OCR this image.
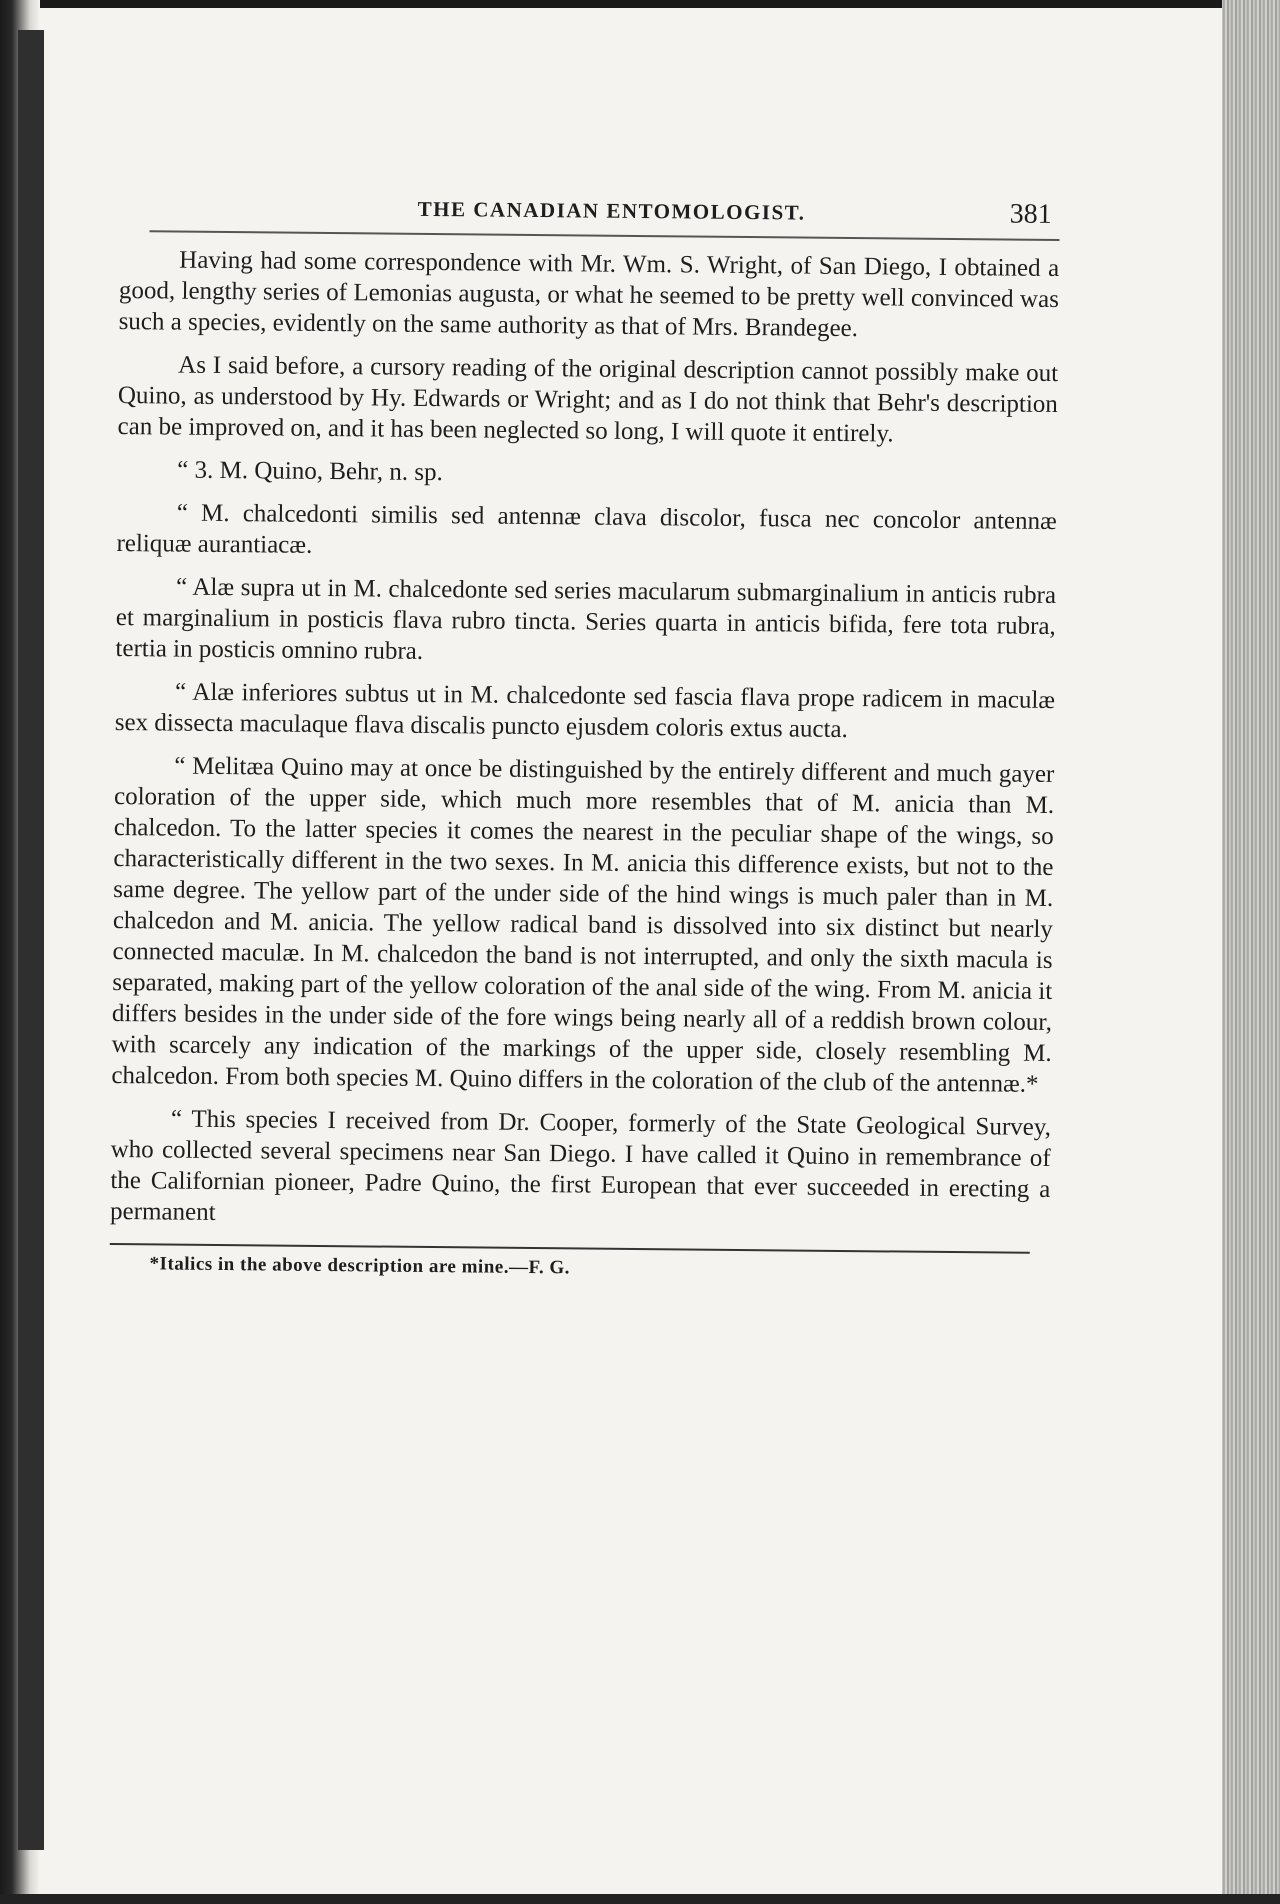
THE CANADIAN ENTOMOLOGIST.	381

Having had some correspondence with Mr. Wm. S. Wright, of San Diego, I obtained a good, lengthy series of Lemonias augusta, or what he seemed to be pretty well convinced was such a species, evidently on the same authority as that of Mrs. Brandegee.

As I said before, a cursory reading of the original description cannot possibly make out Quino, as understood by Hy. Edwards or Wright; and as I do not think that Behr's description can be improved on, and it has been neglected so long, I will quote it entirely.

“ 3. M. Quino, Behr, n. sp.

“ M. chalcedonti similis sed antennæ clava discolor, fusca nec concolor antennæ reliquæ aurantiacæ.

“ Alæ supra ut in M. chalcedonte sed series macularum submarginalium in anticis rubra et marginalium in posticis flava rubro tincta. Series quarta in anticis bifida, fere tota rubra, tertia in posticis omnino rubra.

“ Alæ inferiores subtus ut in M. chalcedonte sed fascia flava prope radicem in maculæ sex dissecta maculaque flava discalis puncto ejusdem coloris extus aucta.

“ Melitæa Quino may at once be distinguished by the entirely different and much gayer coloration of the upper side, which much more resembles that of M. anicia than M. chalcedon. To the latter species it comes the nearest in the peculiar shape of the wings, so characteristically different in the two sexes. In M. anicia this difference exists, but not to the same degree. The yellow part of the under side of the hind wings is much paler than in M. chalcedon and M. anicia. The yellow radical band is dissolved into six distinct but nearly connected maculæ. In M. chalcedon the band is not interrupted, and only the sixth macula is separated, making part of the yellow coloration of the anal side of the wing. From M. anicia it differs besides in the under side of the fore wings being nearly all of a reddish brown colour, with scarcely any indication of the markings of the upper side, closely resembling M. chalcedon. From both species M. Quino differs in the coloration of the club of the antennæ.*

“ This species I received from Dr. Cooper, formerly of the State Geological Survey, who collected several specimens near San Diego. I have called it Quino in remembrance of the Californian pioneer, Padre Quino, the first European that ever succeeded in erecting a permanent

*Italics in the above description are mine.—F. G.
